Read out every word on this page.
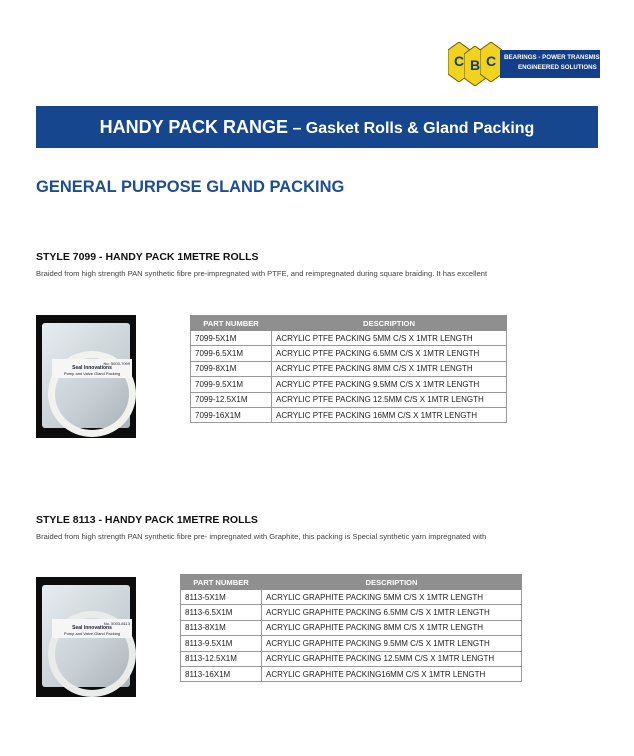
C B C	BEARINGS - POWER TRANSMISSION
ENGINEERED SOLUTIONS
HANDY PACK RANGE – Gasket Rolls & Gland Packing
GENERAL PURPOSE GLAND PACKING
STYLE 7099 - HANDY PACK 1METRE ROLLS
Braided from high strength PAN synthetic fibre pre-impregnated with PTFE, and reimpregnated during square braiding. It has excellent
No. 5003-7099
Seal Innovations
Pump and Valve Gland Packing
PART NUMBER	DESCRIPTION
7099-5X1M	ACRYLIC PTFE PACKING 5MM C/S X 1MTR LENGTH
7099-6.5X1M	ACRYLIC PTFE PACKING 6.5MM C/S X 1MTR LENGTH
7099-8X1M	ACRYLIC PTFE PACKING 8MM C/S X 1MTR LENGTH
7099-9.5X1M	ACRYLIC PTFE PACKING 9.5MM C/S X 1MTR LENGTH
7099-12.5X1M	ACRYLIC PTFE PACKING 12.5MM C/S X 1MTR LENGTH
7099-16X1M	ACRYLIC PTFE PACKING 16MM C/S X 1MTR LENGTH
STYLE 8113 - HANDY PACK 1METRE ROLLS
Braided from high strength PAN synthetic fibre pre- impregnated with Graphite, this packing is Special synthetic yarn impregnated with
No. 5003-8113
Seal Innovations
Pump and Valve Gland Packing
PART NUMBER	DESCRIPTION
8113-5X1M	ACRYLIC GRAPHITE PACKING 5MM C/S X 1MTR LENGTH
8113-6.5X1M	ACRYLIC GRAPHITE PACKING 6.5MM C/S X 1MTR LENGTH
8113-8X1M	ACRYLIC GRAPHITE PACKING 8MM C/S X 1MTR LENGTH
8113-9.5X1M	ACRYLIC GRAPHITE PACKING 9.5MM C/S X 1MTR LENGTH
8113-12.5X1M	ACRYLIC GRAPHITE PACKING 12.5MM C/S X 1MTR LENGTH
8113-16X1M	ACRYLIC GRAPHITE PACKING16MM C/S X 1MTR LENGTH
